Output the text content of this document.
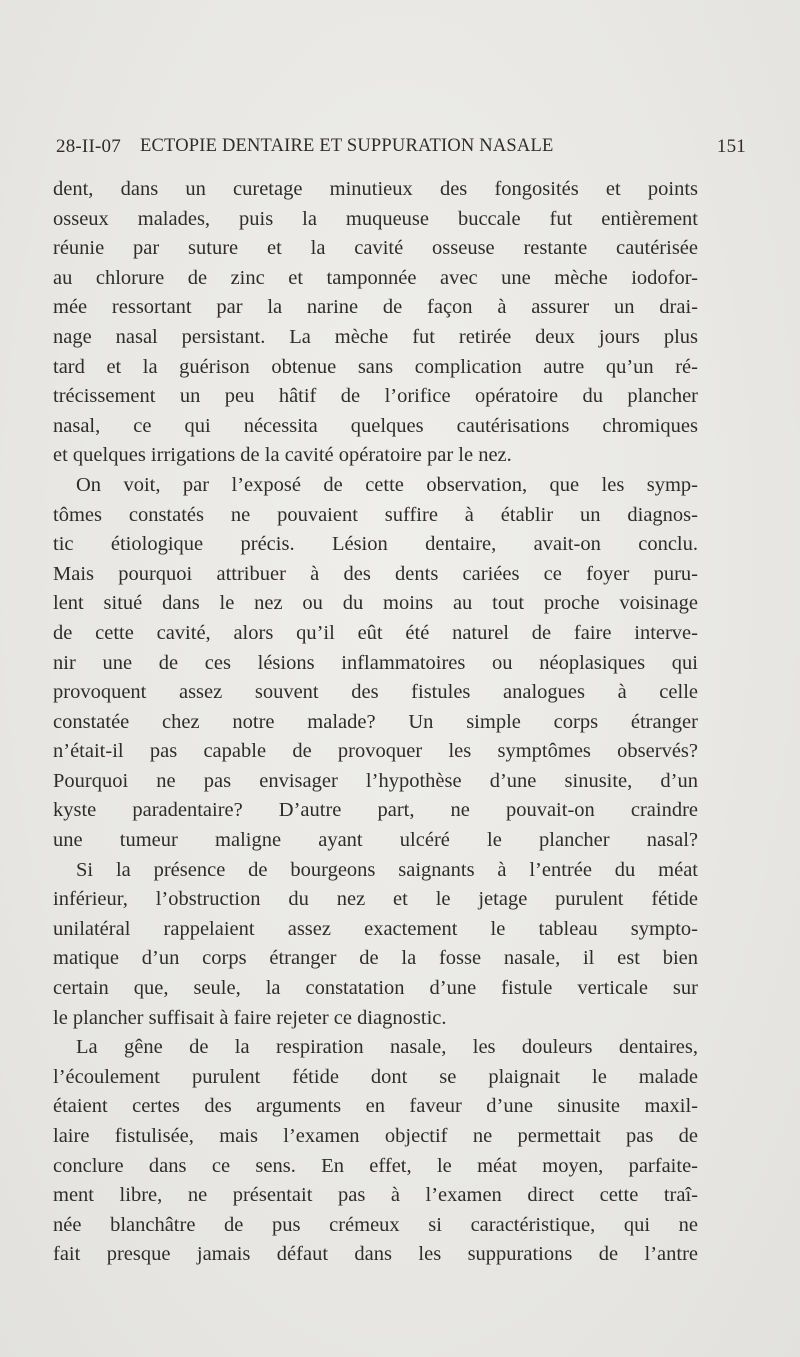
28-II-07 ECTOPIE DENTAIRE ET SUPPURATION NASALE	151
dent, dans un curetage minutieux des fongosités et points
osseux malades, puis la muqueuse buccale fut entièrement
réunie par suture et la cavité osseuse restante cautérisée
au chlorure de zinc et tamponnée avec une mèche iodofor-
mée ressortant par la narine de façon à assurer un drai-
nage nasal persistant. La mèche fut retirée deux jours plus
tard et la guérison obtenue sans complication autre qu’un ré-
trécissement un peu hâtif de l’orifice opératoire du plancher
nasal, ce qui nécessita quelques cautérisations chromiques
et quelques irrigations de la cavité opératoire par le nez.
On voit, par l’exposé de cette observation, que les symp-
tômes constatés ne pouvaient suffire à établir un diagnos-
tic étiologique précis. Lésion dentaire, avait-on conclu.
Mais pourquoi attribuer à des dents cariées ce foyer puru-
lent situé dans le nez ou du moins au tout proche voisinage
de cette cavité, alors qu’il eût été naturel de faire interve-
nir une de ces lésions inflammatoires ou néoplasiques qui
provoquent assez souvent des fistules analogues à celle
constatée chez notre malade? Un simple corps étranger
n’était-il pas capable de provoquer les symptômes observés?
Pourquoi ne pas envisager l’hypothèse d’une sinusite, d’un
kyste paradentaire? D’autre part, ne pouvait-on craindre
une tumeur maligne ayant ulcéré le plancher nasal?
Si la présence de bourgeons saignants à l’entrée du méat
inférieur, l’obstruction du nez et le jetage purulent fétide
unilatéral rappelaient assez exactement le tableau sympto-
matique d’un corps étranger de la fosse nasale, il est bien
certain que, seule, la constatation d’une fistule verticale sur
le plancher suffisait à faire rejeter ce diagnostic.
La gêne de la respiration nasale, les douleurs dentaires,
l’écoulement purulent fétide dont se plaignait le malade
étaient certes des arguments en faveur d’une sinusite maxil-
laire fistulisée, mais l’examen objectif ne permettait pas de
conclure dans ce sens. En effet, le méat moyen, parfaite-
ment libre, ne présentait pas à l’examen direct cette traî-
née blanchâtre de pus crémeux si caractéristique, qui ne
fait presque jamais défaut dans les suppurations de l’antre
